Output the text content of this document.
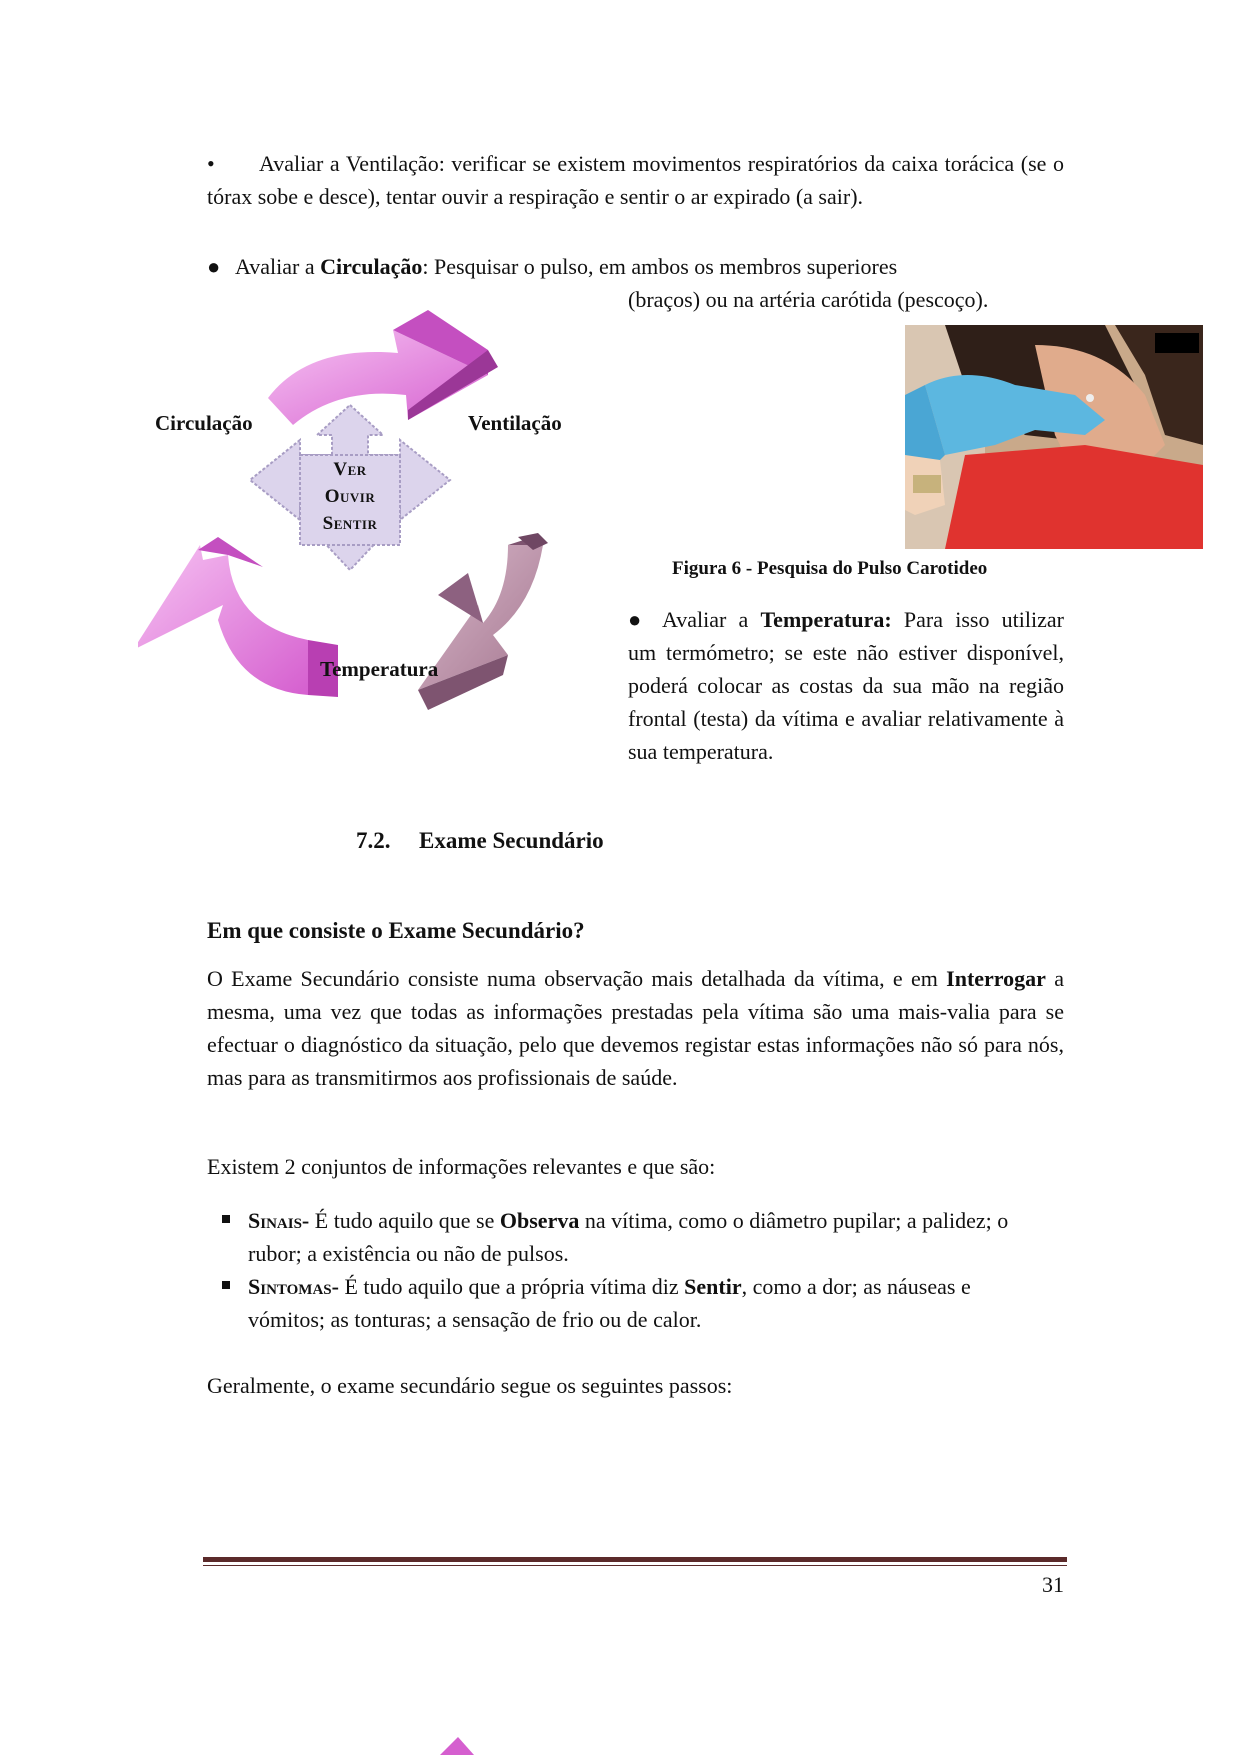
• Avaliar a Ventilação: verificar se existem movimentos respiratórios da caixa torácica (se o tórax sobe e desce), tentar ouvir a respiração e sentir o ar expirado (a sair).

● Avaliar a Circulação: Pesquisar o pulso, em ambos os membros superiores

(braços) ou na artéria carótida (pescoço).
Ver
Ouvir
Sentir
Circulação	Ventilação
Temperatura
Figura 6 - Pesquisa do Pulso Carotideo

● Avaliar a Temperatura: Para isso utilizar um termómetro; se este não estiver disponível, poderá colocar as costas da sua mão na região frontal (testa) da vítima e avaliar relativamente à sua temperatura.

7.2. Exame Secundário
Em que consiste o Exame Secundário?

O Exame Secundário consiste numa observação mais detalhada da vítima, e em Interrogar a mesma, uma vez que todas as informações prestadas pela vítima são uma mais-valia para se efectuar o diagnóstico da situação, pelo que devemos registar estas informações não só para nós, mas para as transmitirmos aos profissionais de saúde.

Existem 2 conjuntos de informações relevantes e que são:

Sinais- É tudo aquilo que se Observa na vítima, como o diâmetro pupilar; a palidez; o rubor; a existência ou não de pulsos.

Sintomas- É tudo aquilo que a própria vítima diz Sentir, como a dor; as náuseas e vómitos; as tonturas; a sensação de frio ou de calor.

Geralmente, o exame secundário segue os seguintes passos:

31
